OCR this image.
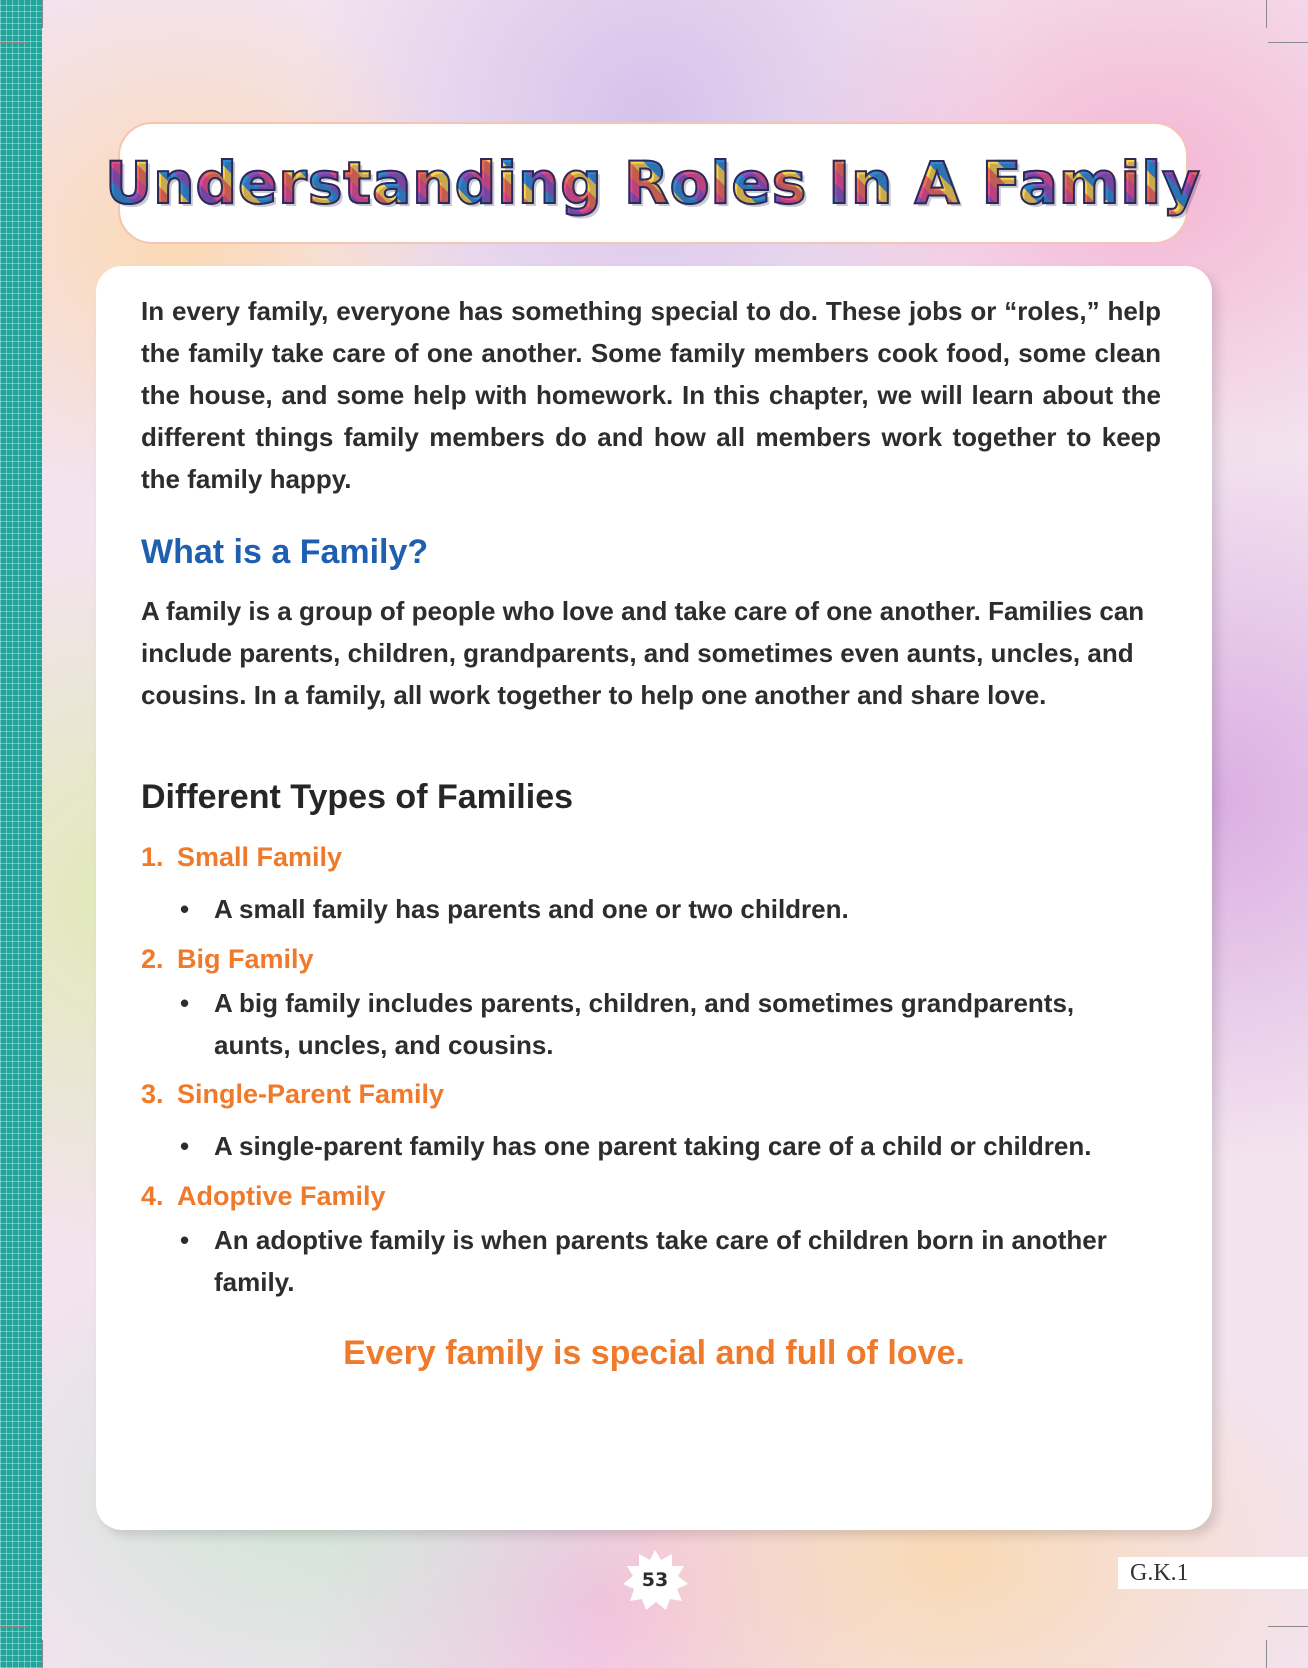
Understanding Roles In A Family

In every family, everyone has something special to do. These jobs or “roles,” help the family take care of one another. Some family members cook food, some clean the house, and some help with homework. In this chapter, we will learn about the different things family members do and how all members work together to keep the family happy.

What is a Family?

A family is a group of people who love and take care of one another. Families can include parents, children, grandparents, and sometimes even aunts, uncles, and cousins. In a family, all work together to help one another and share love.

Different Types of Families
1. Small Family
• A small family has parents and one or two children.
2. Big Family
• A big family includes parents, children, and sometimes grandparents, aunts, uncles, and cousins.
3. Single-Parent Family
• A single-parent family has one parent taking care of a child or children.
4. Adoptive Family
• An adoptive family is when parents take care of children born in another family.

Every family is special and full of love.

53	G.K.1
